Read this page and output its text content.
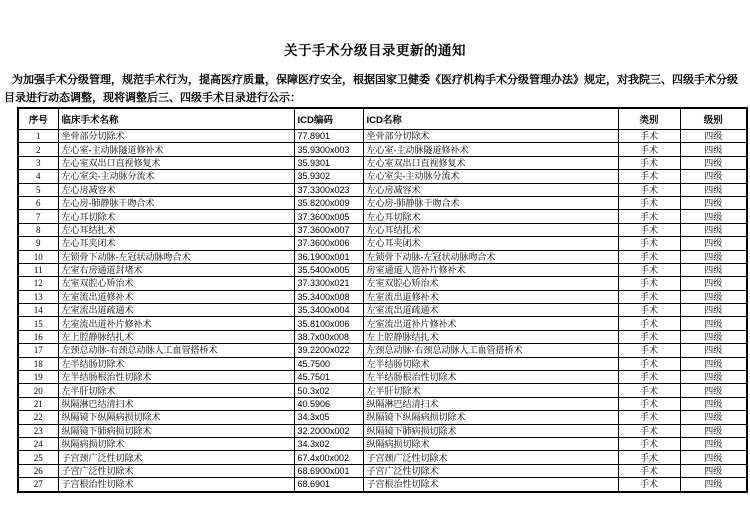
关于手术分级目录更新的通知
为加强手术分级管理，规范手术行为，提高医疗质量，保障医疗安全，根据国家卫健委《医疗机构手术分级管理办法》规定，对我院三、四级手术分级
目录进行动态调整，现将调整后三、四级手术目录进行公示：
序号	临床手术名称	ICD编码	ICD名称	类别	级别
1	坐骨部分切除术	77.8901	坐骨部分切除术	手术	四级
2	左心室-主动脉隧道修补术	35.9300x003	左心室-主动脉隧道修补术	手术	四级
3	左心室双出口直视修复术	35.9301	左心室双出口直视修复术	手术	四级
4	左心室尖-主动脉分流术	35.9302	左心室尖-主动脉分流术	手术	四级
5	左心房减容术	37.3300x023	左心房减容术	手术	四级
6	左心房-肺静脉干吻合术	35.8200x009	左心房-肺静脉干吻合术	手术	四级
7	左心耳切除术	37.3600x005	左心耳切除术	手术	四级
8	左心耳结扎术	37.3600x007	左心耳结扎术	手术	四级
9	左心耳夹闭术	37.3600x006	左心耳夹闭术	手术	四级
10	左锁骨下动脉-左冠状动脉吻合术	36.1900x001	左锁骨下动脉-左冠状动脉吻合术	手术	四级
11	左室右房通道封堵术	35.5400x005	房室通道人造补片修补术	手术	四级
12	左室双腔心矫治术	37.3300x021	左室双腔心矫治术	手术	四级
13	左室流出道修补术	35.3400x008	左室流出道修补术	手术	四级
14	左室流出道疏通术	35.3400x004	左室流出道疏通术	手术	四级
15	左室流出道补片修补术	35.8100x006	左室流出道补片修补术	手术	四级
16	左上腔静脉结扎术	38.7x00x008	左上腔静脉结扎术	手术	四级
17	左颈总动脉-右颈总动脉人工血管搭桥术	39.2200x022	左颈总动脉-右颈总动脉人工血管搭桥术	手术	四级
18	左半结肠切除术	45.7500	左半结肠切除术	手术	四级
19	左半结肠根治性切除术	45.7501	左半结肠根治性切除术	手术	四级
20	左半肝切除术	50.3x02	左半肝切除术	手术	四级
21	纵隔淋巴结清扫术	40.5906	纵隔淋巴结清扫术	手术	四级
22	纵隔镜下纵隔病损切除术	34.3x05	纵隔镜下纵隔病损切除术	手术	四级
23	纵隔镜下肺病损切除术	32.2000x002	纵隔镜下肺病损切除术	手术	四级
24	纵隔病损切除术	34.3x02	纵隔病损切除术	手术	四级
25	子宫颈广泛性切除术	67.4x00x002	子宫颈广泛性切除术	手术	四级
26	子宫广泛性切除术	68.6900x001	子宫广泛性切除术	手术	四级
27	子宫根治性切除术	68.6901	子宫根治性切除术	手术	四级
